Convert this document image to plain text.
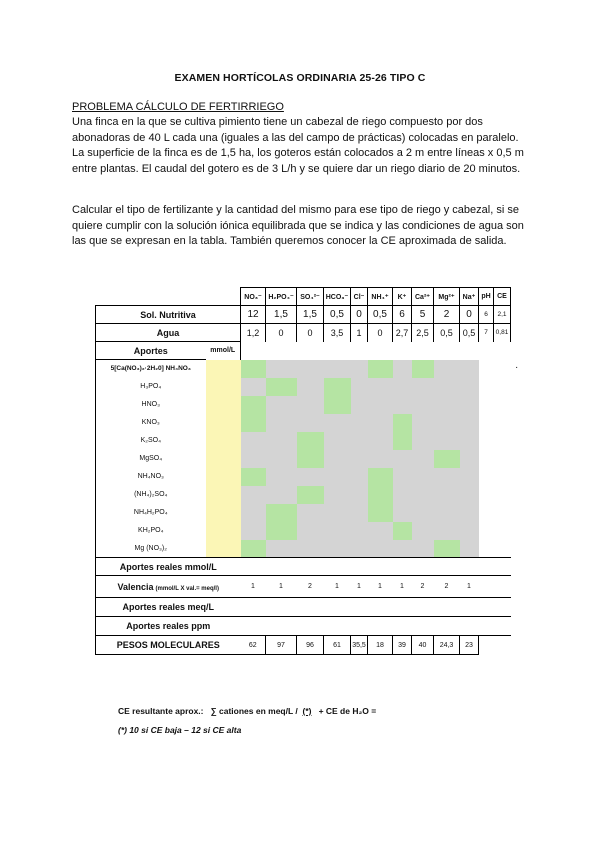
EXAMEN HORTÍCOLAS ORDINARIA 25-26 TIPO C
PROBLEMA CÁLCULO DE FERTIRRIEGO
Una finca en la que se cultiva pimiento tiene un cabezal de riego compuesto por dos abonadoras de 40 L cada una (iguales a las del campo de prácticas) colocadas en paralelo. La superficie de la finca es de 1,5 ha, los goteros están colocados a 2 m entre líneas x 0,5 m entre plantas. El caudal del gotero es de 3 L/h y se quiere dar un riego diario de 20 minutos.
Calcular el tipo de fertilizante y la cantidad del mismo para ese tipo de riego y cabezal, si se quiere cumplir con la solución iónica equilibrada que se indica y las condiciones de agua son las que se expresan en la tabla. También queremos conocer la CE aproximada de salida.
		NO₃⁻	H₂PO₄⁻	SO₄²⁻	HCO₃⁻	Cl⁻	NH₄⁺	K⁺	Ca²⁺	Mg²⁺	Na⁺	pH	CE
Sol. Nutritiva		12	1,5	1,5	0,5	0	0,5	6	5	2	0	6	2,1
Agua		1,2	0	0	3,5	1	0	2,7	2,5	0,5	0,5	7	0,81
Aportes	mmol/L												
5[Ca(NO₃)₂·2H₂0] NH₄NO₃													
H₃PO₄													
HNO₃													
KNO₃													
K₂SO₄													
MgSO₄													
NH₄NO₃													
(NH₄)₂SO₄													
NH₄H₂PO₄													
KH₂PO₄													
Mg (NO₃)₂													
Aportes reales mmol/L													
Valencia (mmol/L X val.= meq/l)		1	1	2	1	1	1	1	2	2	1		
Aportes reales meq/L													
Aportes reales ppm													
PESOS MOLECULARES		62	97	96	61	35,5	18	39	40	24,3	23		
·
CE resultante aprox.: ∑ cationes en meq/L / (*) + CE de H₂O =
(*) 10 si CE baja – 12 si CE alta
